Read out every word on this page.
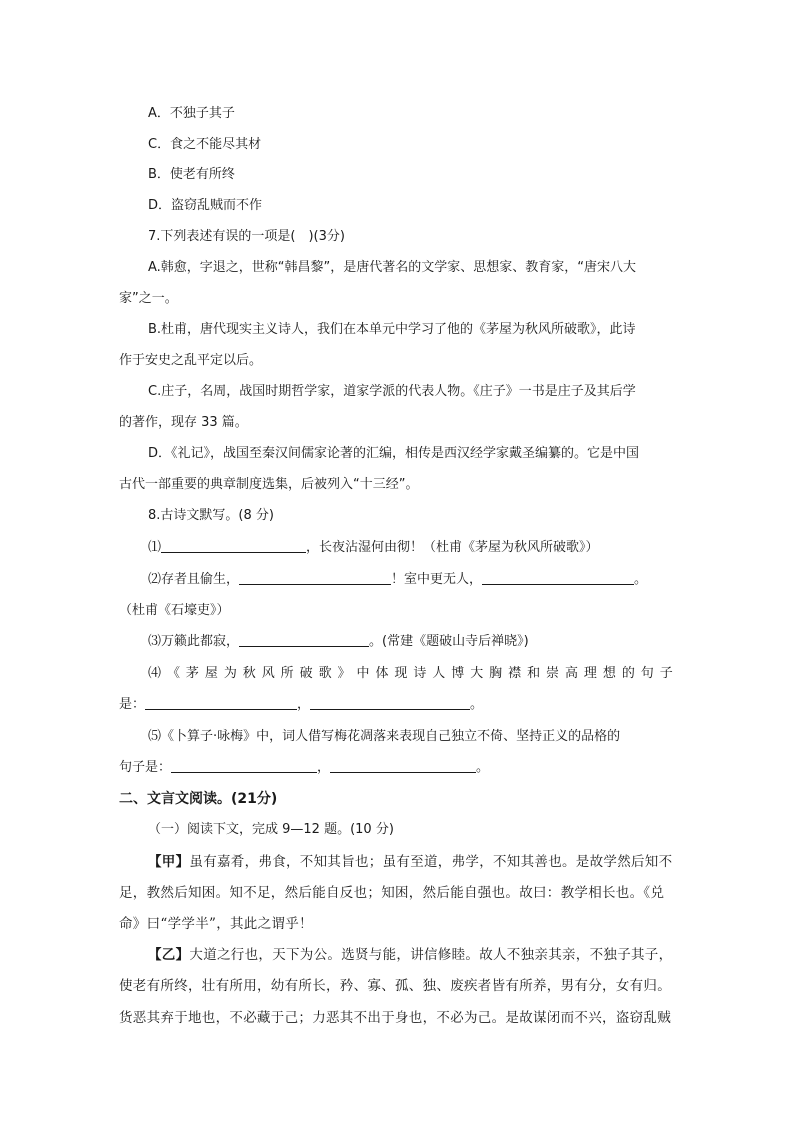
A．不独子其子
C．食之不能尽其材
B．使老有所终
D．盗窃乱贼而不作
7.下列表述有误的一项是(　)(3分)
A.韩愈，字退之，世称“韩昌黎”，是唐代著名的文学家、思想家、教育家，“唐宋八大
家”之一。
B.杜甫，唐代现实主义诗人，我们在本单元中学习了他的《茅屋为秋风所破歌》，此诗
作于安史之乱平定以后。
C.庄子，名周，战国时期哲学家，道家学派的代表人物。《庄子》一书是庄子及其后学
的著作，现存 33 篇。
D．《礼记》，战国至秦汉间儒家论著的汇编，相传是西汉经学家戴圣编纂的。它是中国
古代一部重要的典章制度选集，后被列入“十三经”。
8.古诗文默写。(8 分)
⑴	，长夜沾湿何由彻！（杜甫《茅屋为秋风所破歌》）
⑵存者且偷生，	！室中更无人，	。
（杜甫《石壕吏》）
⑶万籁此都寂，	。(常建《题破山寺后禅晓》)
⑷ 《 茅 屋 为 秋 风 所 破 歌 》 中 体 现 诗 人 博 大 胸 襟 和 崇 高 理 想 的 句 子
是：	，	。
⑸《卜算子·咏梅》中，词人借写梅花凋落来表现自己独立不倚、坚持正义的品格的
句子是：	，	。
二、文言文阅读。(21分)
（一）阅读下文，完成 9—12 题。(10 分)
【甲】虽有嘉肴，弗食，不知其旨也；虽有至道，弗学，不知其善也。是故学然后知不
足，教然后知困。知不足，然后能自反也；知困，然后能自强也。故曰：教学相长也。《兑
命》曰“学学半”，其此之谓乎！
【乙】大道之行也，天下为公。选贤与能，讲信修睦。故人不独亲其亲，不独子其子，
使老有所终，壮有所用，幼有所长，矜、寡、孤、独、废疾者皆有所养，男有分，女有归。
货恶其弃于地也，不必藏于己；力恶其不出于身也，不必为己。是故谋闭而不兴，盗窃乱贼
